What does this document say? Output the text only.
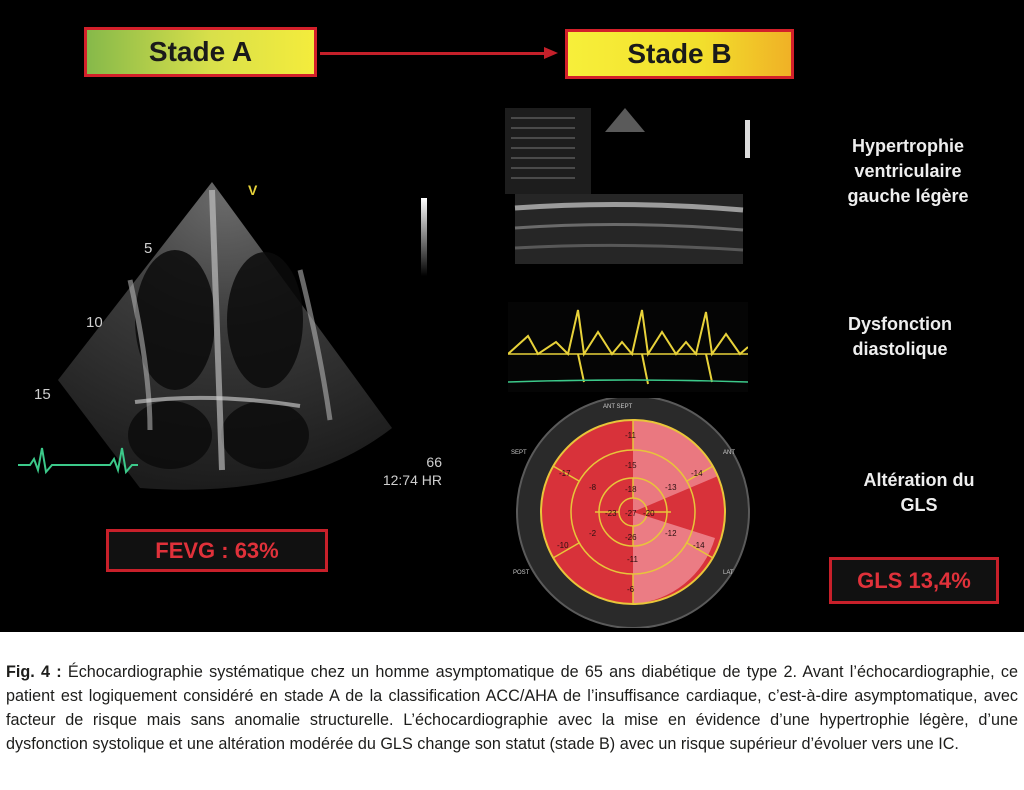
Stade A	Stade B
V
5
10
15
66
12:74 HR
ANT SEPT
ANT
LAT
POST
SEPT
-11
-14
-14
-6
-10
-17
-15
-13
-12
-11
-2
-8	-18
-20
-26
-23 -27
Hypertrophie
ventriculaire
gauche légère
Dysfonction
diastolique
Altération du
GLS
FEVG : 63%
GLS 13,4%
Fig. 4 : Échocardiographie systématique chez un homme asymptomatique de 65 ans diabétique de type 2. Avant l’échocardiographie, ce patient est logiquement considéré en stade A de la classification ACC/AHA de l’insuffisance cardiaque, c’est-à-dire asymptomatique, avec facteur de risque mais sans anomalie structurelle. L’échocardiographie avec la mise en évidence d’une hypertrophie légère, d’une dysfonction systolique et une altération modérée du GLS change son statut (stade B) avec un risque supérieur d’évoluer vers une IC.
